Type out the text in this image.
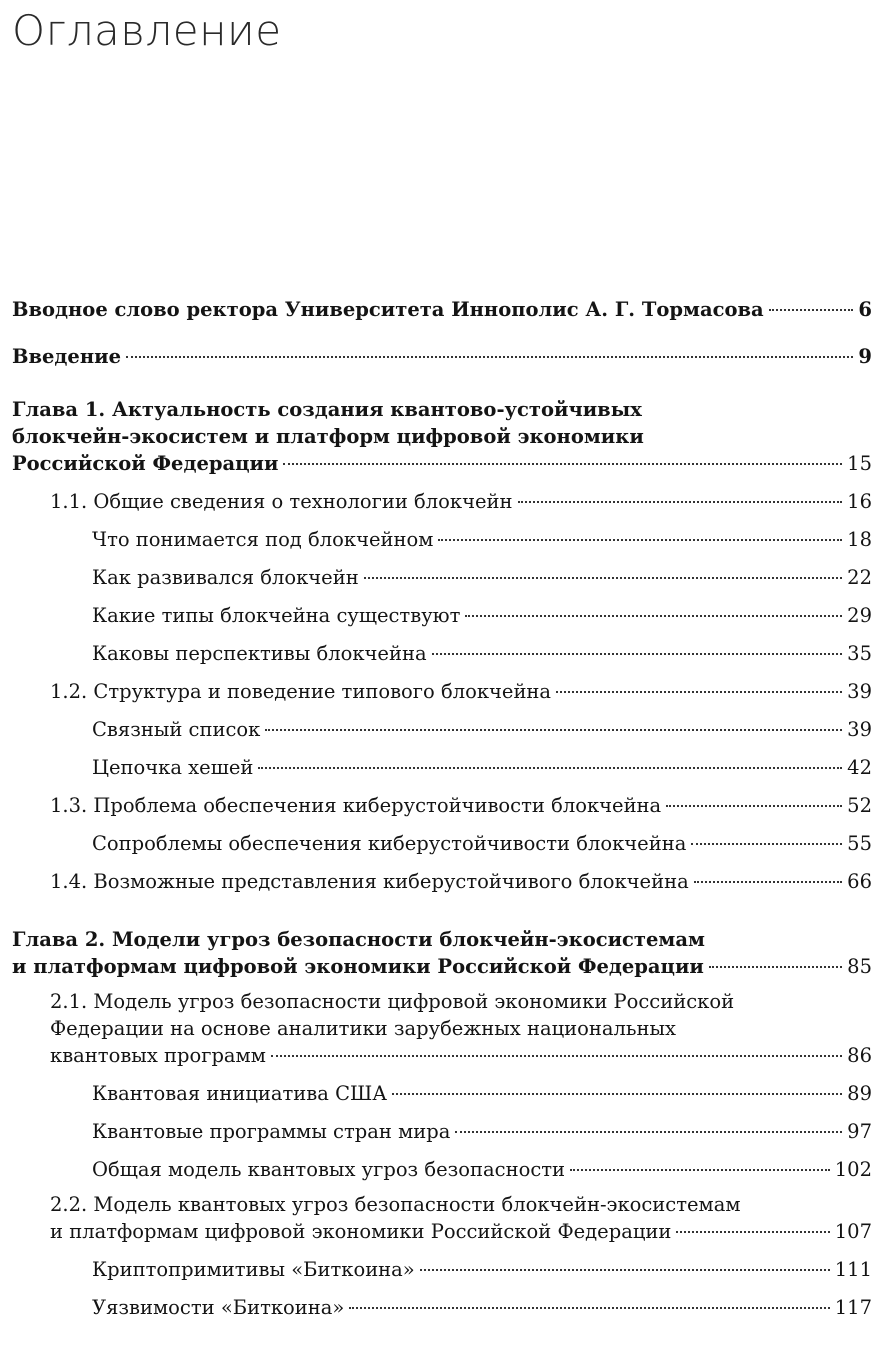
Оглавление
Вводное слово ректора Университета Иннополис А. Г. Тормасова	6
Введение	9
Глава 1. Актуальность создания квантово-устойчивых
блокчейн-экосистем и платформ цифровой экономики
Российской Федерации	15
1.1. Общие сведения о технологии блокчейн	16
Что понимается под блокчейном	18
Как развивался блокчейн	22
Какие типы блокчейна существуют	29
Каковы перспективы блокчейна	35
1.2. Структура и поведение типового блокчейна	39
Связный список	39
Цепочка хешей	42
1.3. Проблема обеспечения киберустойчивости блокчейна	52
Сопроблемы обеспечения киберустойчивости блокчейна	55
1.4. Возможные представления киберустойчивого блокчейна	66
Глава 2. Модели угроз безопасности блокчейн-экосистемам
и платформам цифровой экономики Российской Федерации	85
2.1. Модель угроз безопасности цифровой экономики Российской
Федерации на основе аналитики зарубежных национальных
квантовых программ	86
Квантовая инициатива США	89
Квантовые программы стран мира	97
Общая модель квантовых угроз безопасности	102
2.2. Модель квантовых угроз безопасности блокчейн-экосистемам
и платформам цифровой экономики Российской Федерации	107
Криптопримитивы «Биткоина»	111
Уязвимости «Биткоина»	117
